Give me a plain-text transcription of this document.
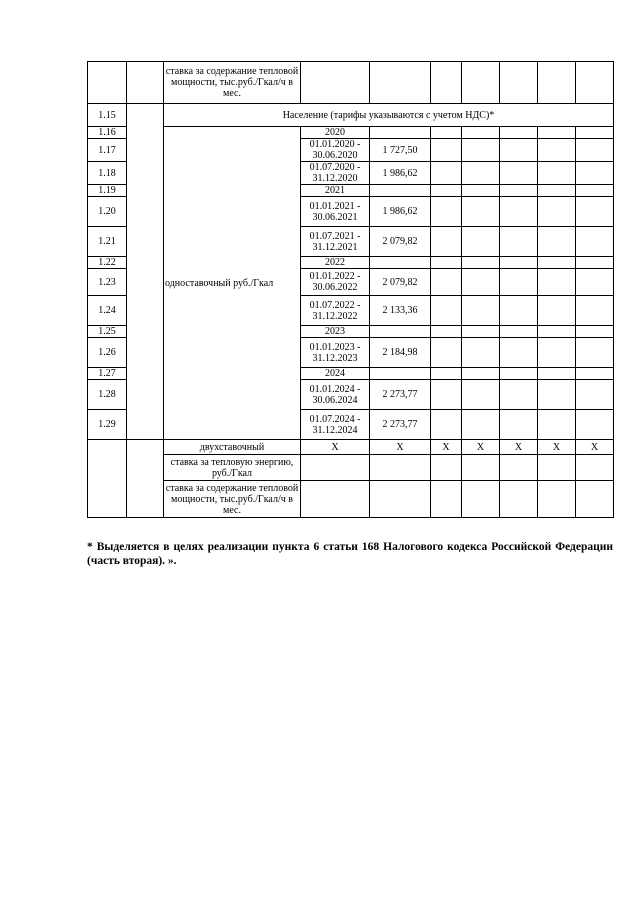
		ставка за содержание тепловой мощности, тыс.руб./Гкал/ч в мес.							
1.15		Население (тарифы указываются с учетом НДС)*							
1.16		одноставочный руб./Гкал	2020						
1.17			01.01.2020 - 30.06.2020	1 727,50					
1.18			01.07.2020 - 31.12.2020	1 986,62					
1.19			2021						
1.20			01.01.2021 - 30.06.2021	1 986,62					
1.21			01.07.2021 - 31.12.2021	2 079,82					
1.22			2022						
1.23			01.01.2022 - 30.06.2022	2 079,82					
1.24			01.07.2022 - 31.12.2022	2 133,36					
1.25			2023						
1.26			01.01.2023 - 31.12.2023	2 184,98					
1.27			2024						
1.28			01.01.2024 - 30.06.2024	2 273,77					
1.29			01.07.2024 - 31.12.2024	2 273,77					
		двухставочный	X	X	X	X	X	X	X
		ставка за тепловую энергию, руб./Гкал							
		ставка за содержание тепловой мощности, тыс.руб./Гкал/ч в мес.							

* Выделяется в целях реализации пункта 6 статьи 168 Налогового кодекса Российской Федерации (часть вторая). ».
